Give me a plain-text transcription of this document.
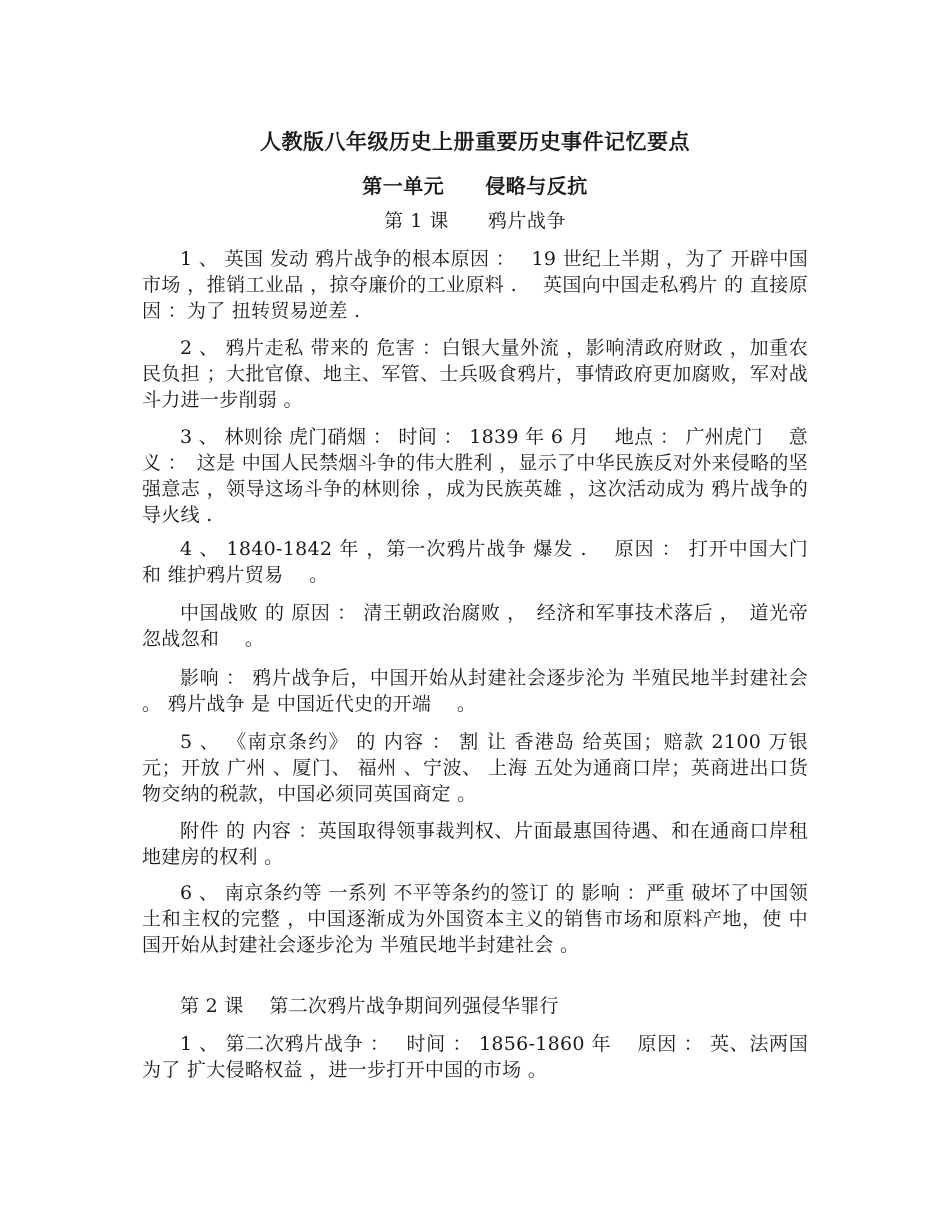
人教版八年级历史上册重要历史事件记忆要点
第一单元　　侵略与反抗
第 1 课　　鸦片战争

1 、 英国 发动 鸦片战争的根本原因 ：　 19 世纪上半期 ，为了 开辟中国市场 ，推销工业品 ，掠夺廉价的工业原料 .　 英国向中国走私鸦片 的 直接原因 ：为了 扭转贸易逆差 .

2 、 鸦片走私 带来的 危害 ：白银大量外流 ，影响清政府财政 ，加重农民负担 ；大批官僚、地主、军管、士兵吸食鸦片，事情政府更加腐败，军对战斗力进一步削弱 。

3 、 林则徐 虎门硝烟 ： 时间 ： 1839 年 6 月　 地点 ： 广州虎门　 意义 ：　这是 中国人民禁烟斗争的伟大胜利 ，显示了中华民族反对外来侵略的坚强意志 ，领导这场斗争的林则徐 ，成为民族英雄 ，这次活动成为 鸦片战争的导火线 .

4 、 1840-1842 年 ，第一次鸦片战争 爆发 .　 原因 ： 打开中国大门 和 维护鸦片贸易　 。

中国战败 的 原因 ： 清王朝政治腐败 ，　经济和军事技术落后 ，　道光帝忽战忽和　 。

影响 ： 鸦片战争后，中国开始从封建社会逐步沦为 半殖民地半封建社会　 。 鸦片战争 是 中国近代史的开端　 。

5 、 《南京条约》 的 内容 ： 割 让 香港岛 给英国；赔款 2100 万银元；开放 广州 、厦门、 福州 、宁波、 上海 五处为通商口岸；英商进出口货物交纳的税款，中国必须同英国商定 。

附件 的 内容 ：英国取得领事裁判权、片面最惠国待遇、和在通商口岸租地建房的权利 。

6 、 南京条约等 一系列 不平等条约的签订 的 影响 ：严重 破坏了中国领土和主权的完整 ，中国逐渐成为外国资本主义的销售市场和原料产地，使 中国开始从封建社会逐步沦为 半殖民地半封建社会 。

第 2 课　 第二次鸦片战争期间列强侵华罪行

1 、 第二次鸦片战争 ：　 时间 ： 1856-1860 年　 原因 ： 英、法两国 为了 扩大侵略权益 ，进一步打开中国的市场 。
